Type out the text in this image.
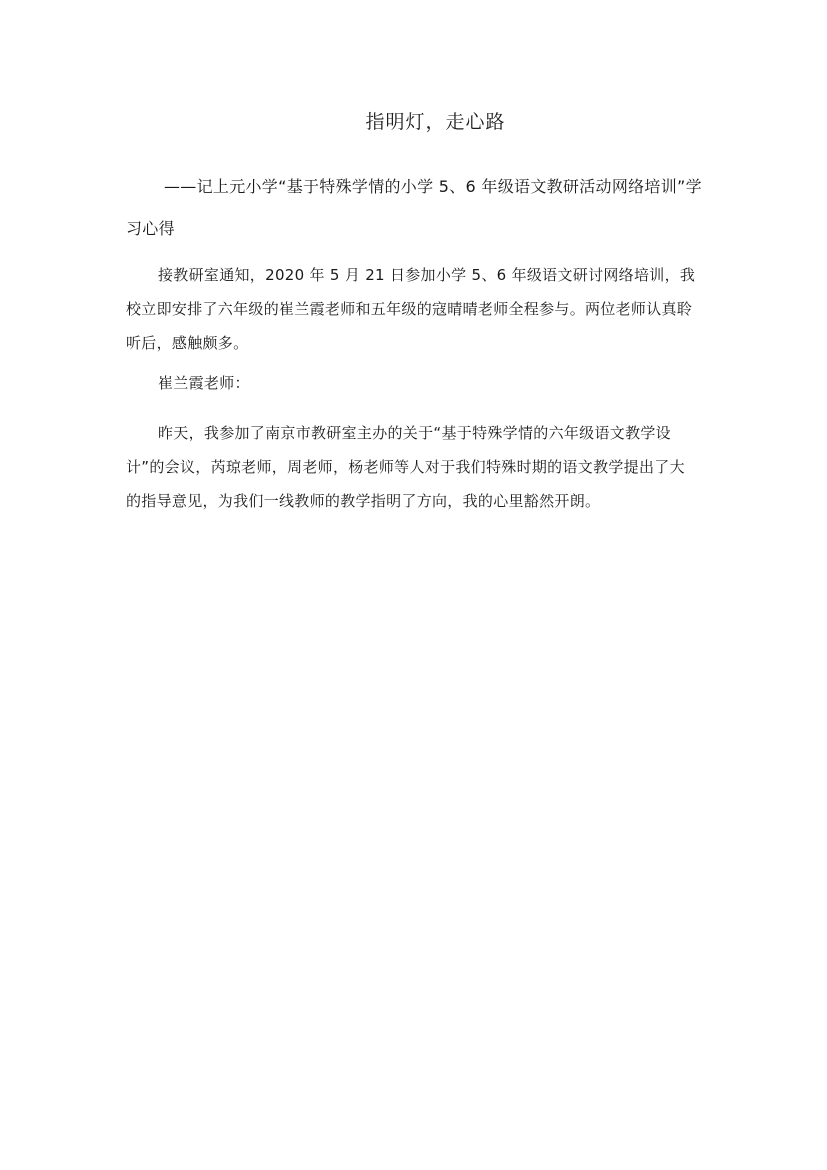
指明灯，走心路
——记上元小学“基于特殊学情的小学 5、6 年级语文教研活动网络培训”学习心得
接教研室通知，2020 年 5 月 21 日参加小学 5、6 年级语文研讨网络培训，我校立即安排了六年级的崔兰霞老师和五年级的寇晴晴老师全程参与。两位老师认真聆听后，感触颇多。
崔兰霞老师：
昨天，我参加了南京市教研室主办的关于“基于特殊学情的六年级语文教学设计”的会议，芮琼老师，周老师，杨老师等人对于我们特殊时期的语文教学提出了大的指导意见，为我们一线教师的教学指明了方向，我的心里豁然开朗。
